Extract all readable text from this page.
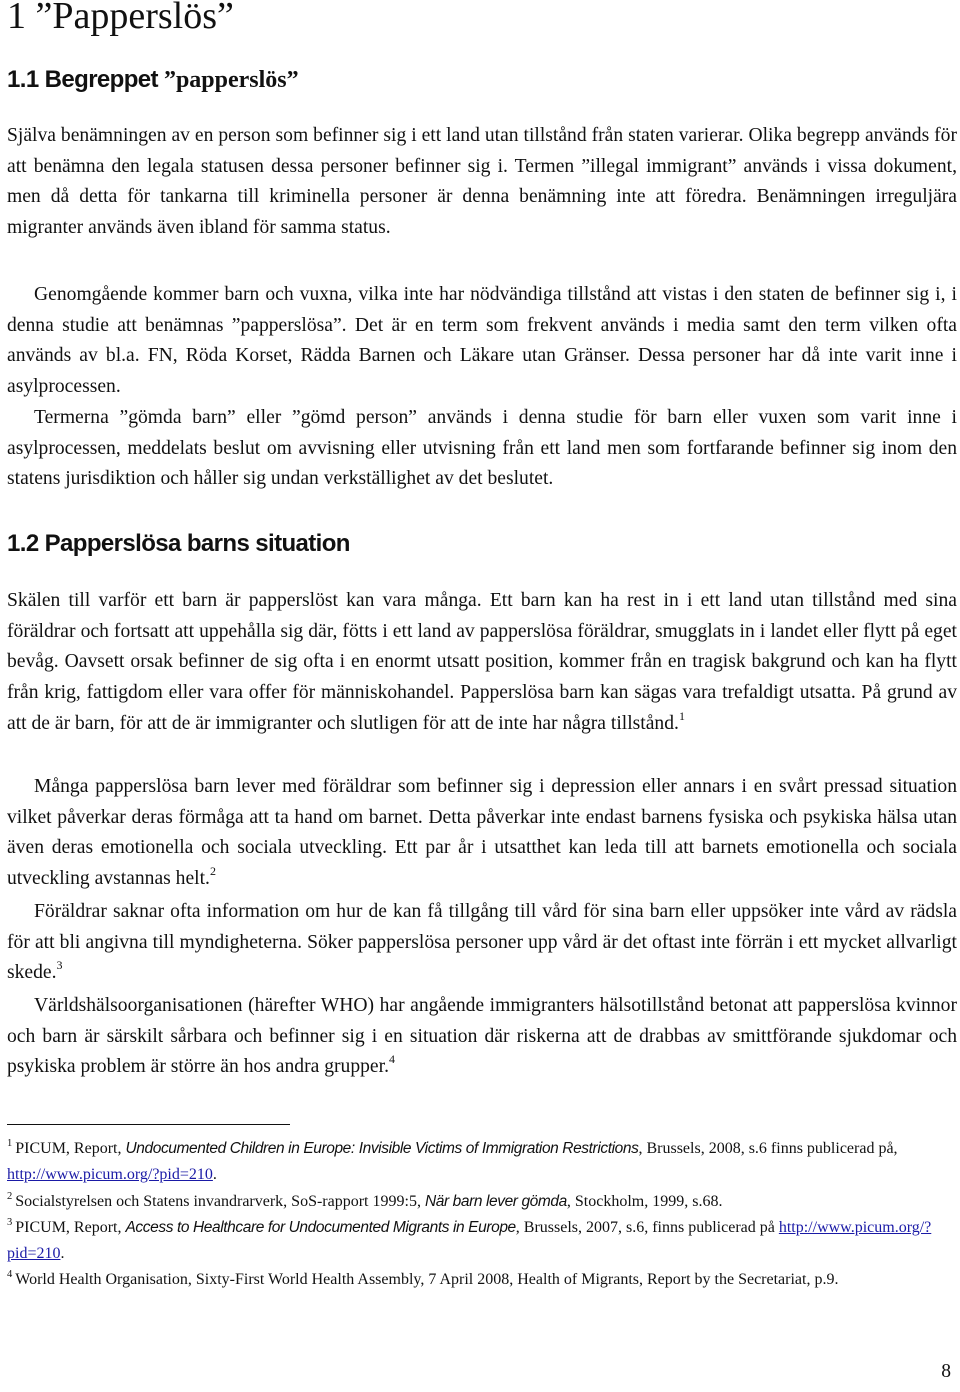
1 ”Papperslös”
1.1 Begreppet ”papperslös”

Själva benämningen av en person som befinner sig i ett land utan tillstånd från staten varierar. Olika begrepp används för att benämna den legala statusen dessa personer befinner sig i. Termen ”illegal immigrant” används i vissa dokument, men då detta för tankarna till kriminella personer är denna benämning inte att föredra. Benämningen irreguljära migranter används även ibland för samma status.

Genomgående kommer barn och vuxna, vilka inte har nödvändiga tillstånd att vistas i den staten de befinner sig i, i denna studie att benämnas ”papperslösa”. Det är en term som frekvent används i media samt den term vilken ofta används av bl.a. FN, Röda Korset, Rädda Barnen och Läkare utan Gränser. Dessa personer har då inte varit inne i asylprocessen.

Termerna ”gömda barn” eller ”gömd person” används i denna studie för barn eller vuxen som varit inne i asylprocessen, meddelats beslut om avvisning eller utvisning från ett land men som fortfarande befinner sig inom den statens jurisdiktion och håller sig undan verkställighet av det beslutet.

1.2 Papperslösa barns situation

Skälen till varför ett barn är papperslöst kan vara många. Ett barn kan ha rest in i ett land utan tillstånd med sina föräldrar och fortsatt att uppehålla sig där, fötts i ett land av papperslösa föräldrar, smugglats in i landet eller flytt på eget bevåg. Oavsett orsak befinner de sig ofta i en enormt utsatt position, kommer från en tragisk bakgrund och kan ha flytt från krig, fattigdom eller vara offer för människohandel. Papperslösa barn kan sägas vara trefaldigt utsatta. På grund av att de är barn, för att de är immigranter och slutligen för att de inte har några tillstånd.$^1$

Många papperslösa barn lever med föräldrar som befinner sig i depression eller annars i en svårt pressad situation vilket påverkar deras förmåga att ta hand om barnet. Detta påverkar inte endast barnens fysiska och psykiska hälsa utan även deras emotionella och sociala utveckling. Ett par år i utsatthet kan leda till att barnets emotionella och sociala utveckling avstannas helt.$^2$

Föräldrar saknar ofta information om hur de kan få tillgång till vård för sina barn eller uppsöker inte vård av rädsla för att bli angivna till myndigheterna. Söker papperslösa personer upp vård är det oftast inte förrän i ett mycket allvarligt skede.$^3$

Världshälsoorganisationen (härefter WHO) har angående immigranters hälsotillstånd betonat att papperslösa kvinnor och barn är särskilt sårbara och befinner sig i en situation där riskerna att de drabbas av smittförande sjukdomar och psykiska problem är större än hos andra grupper.$^4$

$^1$ PICUM, Report, Undocumented Children in Europe: Invisible Victims of Immigration Restrictions, Brussels, 2008, s.6 finns publicerad på, http://www.picum.org/?pid=210.

$^2$ Socialstyrelsen och Statens invandrarverk, SoS-rapport 1999:5, När barn lever gömda, Stockholm, 1999, s.68.

$^3$ PICUM, Report, Access to Healthcare for Undocumented Migrants in Europe, Brussels, 2007, s.6, finns publicerad på http://www.picum.org/?pid=210.

$^4$ World Health Organisation, Sixty-First World Health Assembly, 7 April 2008, Health of Migrants, Report by the Secretariat, p.9.

8
